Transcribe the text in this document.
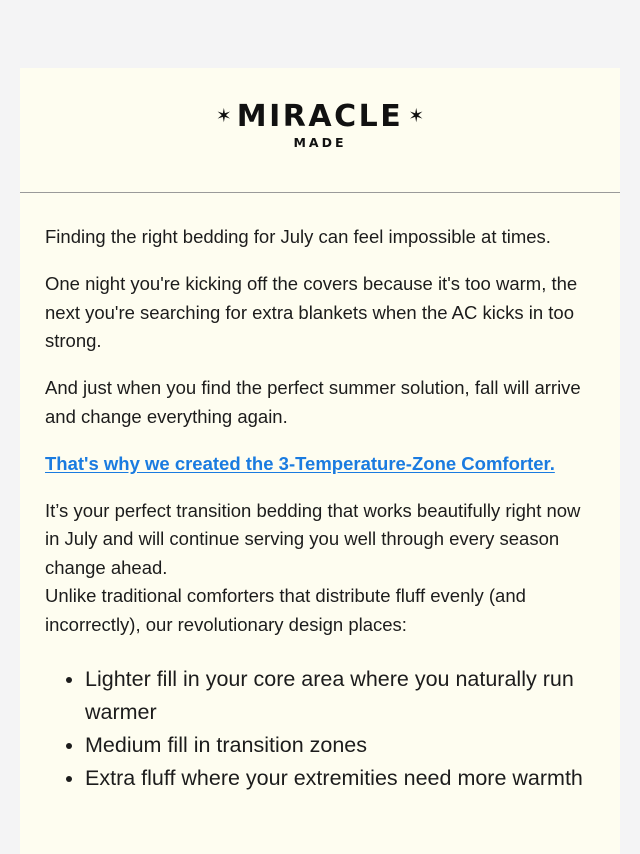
✶ MIRACLE ✶
MADE

Finding the right bedding for July can feel impossible at times.

One night you're kicking off the covers because it's too warm, the next you're searching for extra blankets when the AC kicks in too strong.

And just when you find the perfect summer solution, fall will arrive and change everything again.

That's why we created the 3-Temperature-Zone Comforter.

It’s your perfect transition bedding that works beautifully right now in July and will continue serving you well through every season change ahead.

Unlike traditional comforters that distribute fluff evenly (and incorrectly), our revolutionary design places:

• Lighter fill in your core area where you naturally run warmer
• Medium fill in transition zones
• Extra fluff where your extremities need more warmth
